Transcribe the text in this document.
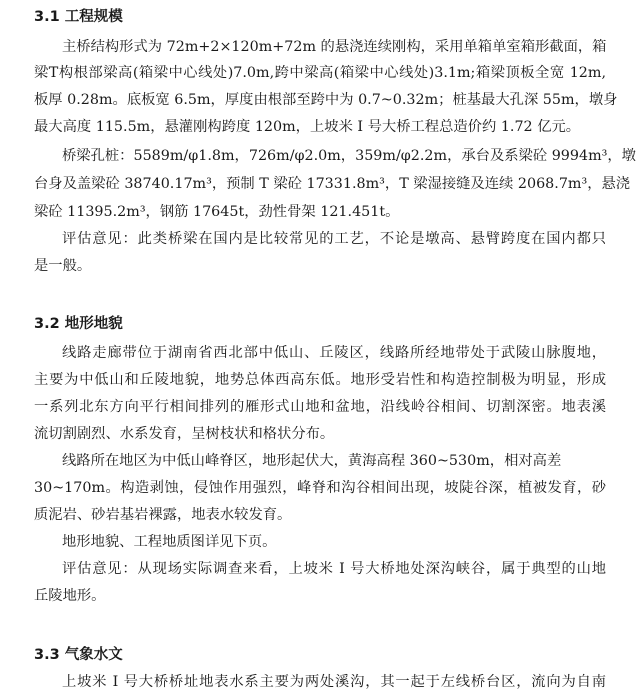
3.1 工程规模
主桥结构形式为 72m+2×120m+72m 的悬浇连续刚构，采用单箱单室箱形截面，箱
梁T构根部梁高(箱梁中心线处)7.0m,跨中梁高(箱梁中心线处)3.1m;箱梁顶板全宽 12m,
板厚 0.28m。底板宽 6.5m，厚度由根部至跨中为 0.7~0.32m；桩基最大孔深 55m，墩身
最大高度 115.5m，悬灌刚构跨度 120m，上坡米 I 号大桥工程总造价约 1.72 亿元。
桥梁孔桩：5589m/φ1.8m，726m/φ2.0m，359m/φ2.2m，承台及系梁砼 9994m³，墩
台身及盖梁砼 38740.17m³，预制 T 梁砼 17331.8m³，T 梁湿接缝及连续 2068.7m³，悬浇
梁砼 11395.2m³，钢筋 17645t，劲性骨架 121.451t。
评估意见：此类桥梁在国内是比较常见的工艺，不论是墩高、悬臂跨度在国内都只
是一般。
3.2 地形地貌
线路走廊带位于湖南省西北部中低山、丘陵区，线路所经地带处于武陵山脉腹地，
主要为中低山和丘陵地貌，地势总体西高东低。地形受岩性和构造控制极为明显，形成
一系列北东方向平行相间排列的雁形式山地和盆地，沿线岭谷相间、切割深密。地表溪
流切割剧烈、水系发育，呈树枝状和格状分布。
线路所在地区为中低山峰脊区，地形起伏大，黄海高程 360~530m，相对高差
30~170m。构造剥蚀，侵蚀作用强烈，峰脊和沟谷相间出现，坡陡谷深，植被发育，砂
质泥岩、砂岩基岩裸露，地表水较发育。
地形地貌、工程地质图详见下页。
评估意见：从现场实际调查来看，上坡米 I 号大桥地处深沟峡谷，属于典型的山地
丘陵地形。
3.3 气象水文
上坡米 I 号大桥桥址地表水系主要为两处溪沟，其一起于左线桥台区，流向为自南
